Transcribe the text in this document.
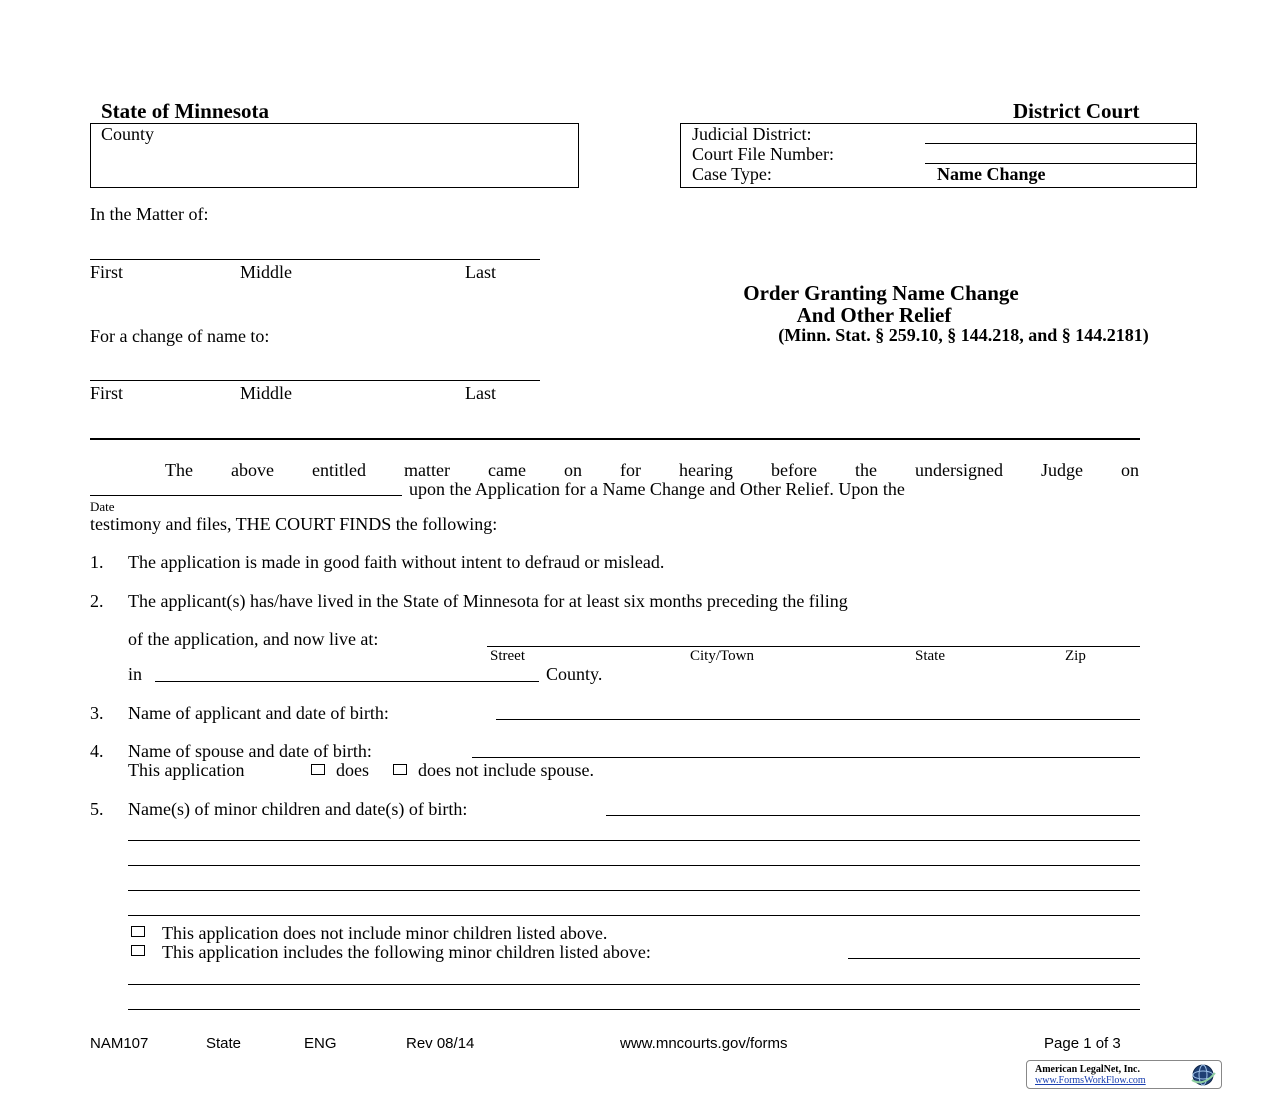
State of Minnesota	District Court
County	Judicial District:
Court File Number:
Case Type:	Name Change
In the Matter of:
First	Middle	Last
For a change of name to:
First	Middle	Last
Order Granting Name Change
And Other Relief
(Minn. Stat. § 259.10, § 144.218, and § 144.2181)
The above entitled matter came on for hearing before the undersigned Judge on
upon the Application for a Name Change and Other Relief. Upon the
Date
testimony and files, THE COURT FINDS the following:
1. The application is made in good faith without intent to defraud or mislead.
2. The applicant(s) has/have lived in the State of Minnesota for at least six months preceding the filing
of the application, and now live at:
Street	City/Town	State	Zip
in	County.
3. Name of applicant and date of birth:
4. Name of spouse and date of birth:
This application	does	does not include spouse.
5. Name(s) of minor children and date(s) of birth:
This application does not include minor children listed above.
This application includes the following minor children listed above:
NAM107	State	ENG	Rev 08/14	www.mncourts.gov/forms	Page 1 of 3
American LegalNet, Inc.
www.FormsWorkFlow.com
